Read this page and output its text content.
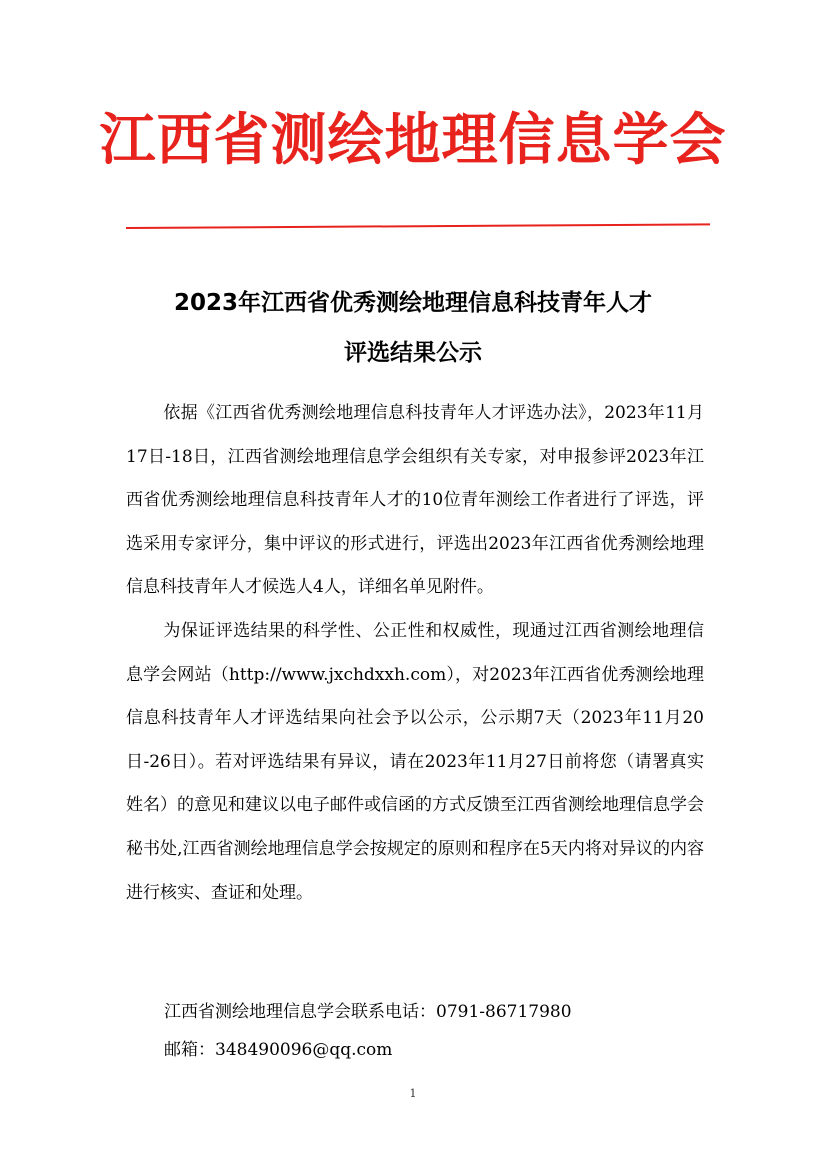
江西省测绘地理信息学会
2023年江西省优秀测绘地理信息科技青年人才
评选结果公示

依据《江西省优秀测绘地理信息科技青年人才评选办法》，2023年11月17日-18日，江西省测绘地理信息学会组织有关专家，对申报参评2023年江西省优秀测绘地理信息科技青年人才的10位青年测绘工作者进行了评选，评选采用专家评分，集中评议的形式进行，评选出2023年江西省优秀测绘地理信息科技青年人才候选人4人，详细名单见附件。

为保证评选结果的科学性、公正性和权威性，现通过江西省测绘地理信息学会网站（http://www.jxchdxxh.com），对2023年江西省优秀测绘地理信息科技青年人才评选结果向社会予以公示，公示期7天（2023年11月20日-26日）。若对评选结果有异议，请在2023年11月27日前将您（请署真实姓名）的意见和建议以电子邮件或信函的方式反馈至江西省测绘地理信息学会秘书处,江西省测绘地理信息学会按规定的原则和程序在5天内将对异议的内容进行核实、查证和处理。

江西省测绘地理信息学会联系电话：0791-86717980
邮箱：348490096@qq.com
1
